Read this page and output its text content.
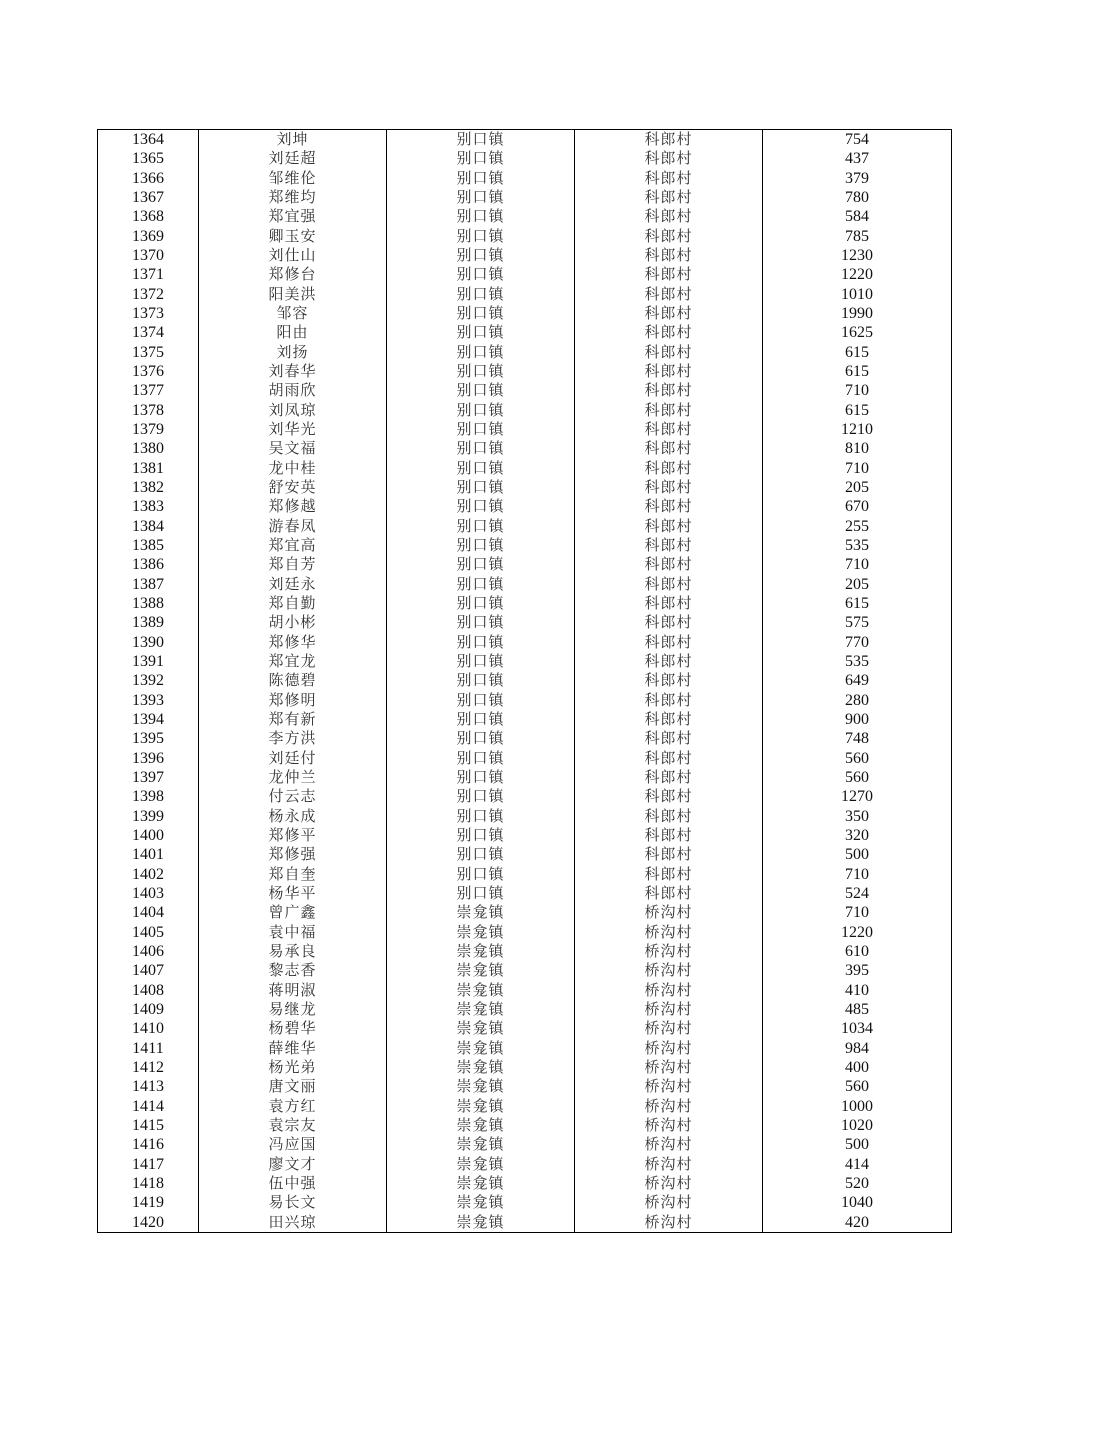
1364	刘坤	别口镇	科郎村	754
1365	刘廷超	别口镇	科郎村	437
1366	邹维伦	别口镇	科郎村	379
1367	郑维均	别口镇	科郎村	780
1368	郑宜强	别口镇	科郎村	584
1369	卿玉安	别口镇	科郎村	785
1370	刘仕山	别口镇	科郎村	1230
1371	郑修台	别口镇	科郎村	1220
1372	阳美洪	别口镇	科郎村	1010
1373	邹容	别口镇	科郎村	1990
1374	阳由	别口镇	科郎村	1625
1375	刘扬	别口镇	科郎村	615
1376	刘春华	别口镇	科郎村	615
1377	胡雨欣	别口镇	科郎村	710
1378	刘凤琼	别口镇	科郎村	615
1379	刘华光	别口镇	科郎村	1210
1380	吴文福	别口镇	科郎村	810
1381	龙中桂	别口镇	科郎村	710
1382	舒安英	别口镇	科郎村	205
1383	郑修越	别口镇	科郎村	670
1384	游春凤	别口镇	科郎村	255
1385	郑宜高	别口镇	科郎村	535
1386	郑自芳	别口镇	科郎村	710
1387	刘廷永	别口镇	科郎村	205
1388	郑自勤	别口镇	科郎村	615
1389	胡小彬	别口镇	科郎村	575
1390	郑修华	别口镇	科郎村	770
1391	郑宜龙	别口镇	科郎村	535
1392	陈德碧	别口镇	科郎村	649
1393	郑修明	别口镇	科郎村	280
1394	郑有新	别口镇	科郎村	900
1395	李方洪	别口镇	科郎村	748
1396	刘廷付	别口镇	科郎村	560
1397	龙仲兰	别口镇	科郎村	560
1398	付云志	别口镇	科郎村	1270
1399	杨永成	别口镇	科郎村	350
1400	郑修平	别口镇	科郎村	320
1401	郑修强	别口镇	科郎村	500
1402	郑自奎	别口镇	科郎村	710
1403	杨华平	别口镇	科郎村	524
1404	曾广鑫	崇龛镇	桥沟村	710
1405	袁中福	崇龛镇	桥沟村	1220
1406	易承良	崇龛镇	桥沟村	610
1407	黎志香	崇龛镇	桥沟村	395
1408	蒋明淑	崇龛镇	桥沟村	410
1409	易继龙	崇龛镇	桥沟村	485
1410	杨碧华	崇龛镇	桥沟村	1034
1411	薛维华	崇龛镇	桥沟村	984
1412	杨光弟	崇龛镇	桥沟村	400
1413	唐文丽	崇龛镇	桥沟村	560
1414	袁方红	崇龛镇	桥沟村	1000
1415	袁宗友	崇龛镇	桥沟村	1020
1416	冯应国	崇龛镇	桥沟村	500
1417	廖文才	崇龛镇	桥沟村	414
1418	伍中强	崇龛镇	桥沟村	520
1419	易长文	崇龛镇	桥沟村	1040
1420	田兴琼	崇龛镇	桥沟村	420
